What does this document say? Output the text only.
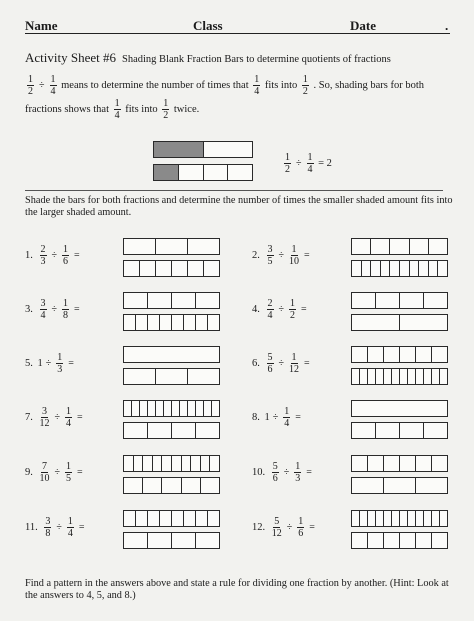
Name	Class	Date	.
Activity Sheet #6 Shading Blank Fraction Bars to determine quotients of fractions
$\frac{1}{2} \div \frac{1}{4}$ means to determine the number of times that $\frac{1}{4}$ fits into $\frac{1}{2}$ . So, shading bars for both
fractions shows that $\frac{1}{4}$ fits into $\frac{1}{2}$ twice.
$\frac{1}{2} \div \frac{1}{4} = 2$
Shade the bars for both fractions and determine the number of times the smaller shaded amount fits into the larger shaded amount.
1. $\frac{2}{3} \div \frac{1}{6}$ =	2. $\frac{3}{5} \div \frac{1}{10}$ =
3. $\frac{3}{4} \div \frac{1}{8}$ =	4. $\frac{2}{4} \div \frac{1}{2}$ =
5. $1 \div \frac{1}{3}$ =	6. $\frac{5}{6} \div \frac{1}{12}$ =
7. $\frac{3}{12} \div \frac{1}{4}$ =	8. $1 \div \frac{1}{4}$ =
9. $\frac{7}{10} \div \frac{1}{5}$ =	10. $\frac{5}{6} \div \frac{1}{3}$ =
11. $\frac{3}{8} \div \frac{1}{4}$ =	12. $\frac{5}{12} \div \frac{1}{6}$ =
Find a pattern in the answers above and state a rule for dividing one fraction by another. (Hint: Look at the answers to 4, 5, and 8.)
